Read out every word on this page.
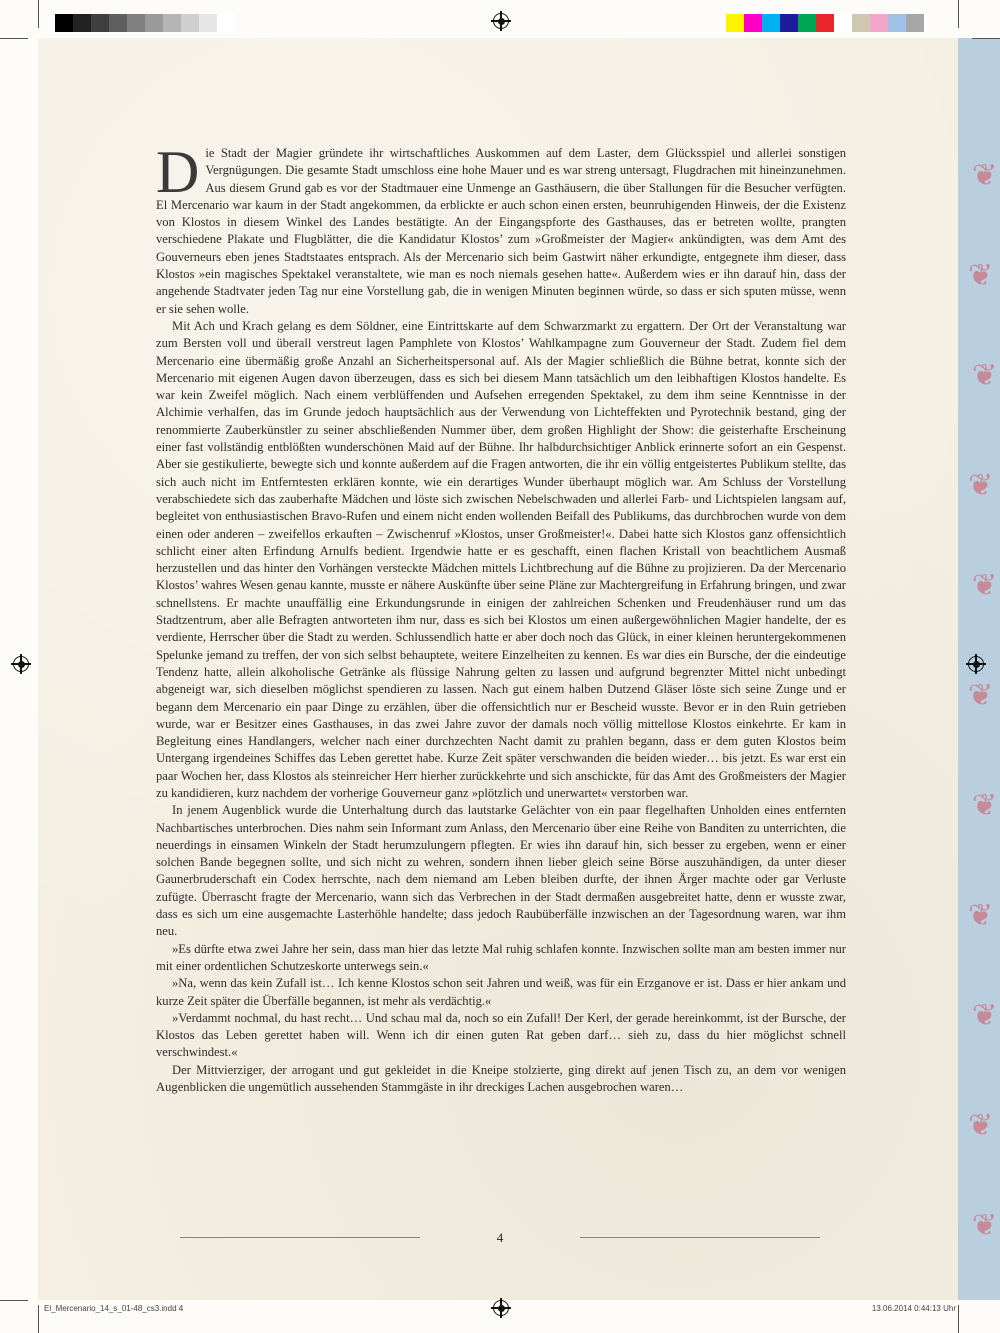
❦
❦
❦
❦
❦
❦
❦
❦
❦
❦
❦

Die Stadt der Magier gründete ihr wirtschaftliches Auskommen auf dem Laster, dem Glücksspiel und allerlei sonstigen Vergnügungen. Die gesamte Stadt umschloss eine hohe Mauer und es war streng untersagt, Flugdrachen mit hineinzunehmen. Aus diesem Grund gab es vor der Stadtmauer eine Unmenge an Gasthäusern, die über Stallungen für die Besucher verfügten. El Mercenario war kaum in der Stadt angekommen, da erblickte er auch schon einen ersten, beunruhigenden Hinweis, der die Existenz von Klostos in diesem Winkel des Landes bestätigte. An der Eingangspforte des Gasthauses, das er betreten wollte, prangten verschiedene Plakate und Flugblätter, die die Kandidatur Klostos’ zum »Großmeister der Magier« ankündigten, was dem Amt des Gouverneurs eben jenes Stadtstaates entsprach. Als der Mercenario sich beim Gastwirt näher erkundigte, entgegnete ihm dieser, dass Klostos »ein magisches Spektakel veranstaltete, wie man es noch niemals gesehen hatte«. Außerdem wies er ihn darauf hin, dass der angehende Stadtvater jeden Tag nur eine Vorstellung gab, die in wenigen Minuten beginnen würde, so dass er sich sputen müsse, wenn er sie sehen wolle.

Mit Ach und Krach gelang es dem Söldner, eine Eintrittskarte auf dem Schwarzmarkt zu ergattern. Der Ort der Veranstaltung war zum Bersten voll und überall verstreut lagen Pamphlete von Klostos’ Wahlkampagne zum Gouverneur der Stadt. Zudem fiel dem Mercenario eine übermäßig große Anzahl an Sicherheitspersonal auf. Als der Magier schließlich die Bühne betrat, konnte sich der Mercenario mit eigenen Augen davon überzeugen, dass es sich bei diesem Mann tatsächlich um den leibhaftigen Klostos handelte. Es war kein Zweifel möglich. Nach einem verblüffenden und Aufsehen erregenden Spektakel, zu dem ihm seine Kenntnisse in der Alchimie verhalfen, das im Grunde jedoch hauptsächlich aus der Verwendung von Lichteffekten und Pyrotechnik bestand, ging der renommierte Zauberkünstler zu seiner abschließenden Nummer über, dem großen Highlight der Show: die geisterhafte Erscheinung einer fast vollständig entblößten wunderschönen Maid auf der Bühne. Ihr halbdurchsichtiger Anblick erinnerte sofort an ein Gespenst. Aber sie gestikulierte, bewegte sich und konnte außerdem auf die Fragen antworten, die ihr ein völlig entgeistertes Publikum stellte, das sich auch nicht im Entferntesten erklären konnte, wie ein derartiges Wunder überhaupt möglich war. Am Schluss der Vorstellung verabschiedete sich das zauberhafte Mädchen und löste sich zwischen Nebelschwaden und allerlei Farb- und Lichtspielen langsam auf, begleitet von enthusiastischen Bravo-Rufen und einem nicht enden wollenden Beifall des Publikums, das durchbrochen wurde von dem einen oder anderen – zweifellos erkauften – Zwischenruf »Klostos, unser Großmeister!«. Dabei hatte sich Klostos ganz offensichtlich schlicht einer alten Erfindung Arnulfs bedient. Irgendwie hatte er es geschafft, einen flachen Kristall von beachtlichem Ausmaß herzustellen und das hinter den Vorhängen versteckte Mädchen mittels Lichtbrechung auf die Bühne zu projizieren. Da der Mercenario Klostos’ wahres Wesen genau kannte, musste er nähere Auskünfte über seine Pläne zur Machtergreifung in Erfahrung bringen, und zwar schnellstens. Er machte unauffällig eine Erkundungsrunde in einigen der zahlreichen Schenken und Freudenhäuser rund um das Stadtzentrum, aber alle Befragten antworteten ihm nur, dass es sich bei Klostos um einen außergewöhnlichen Magier handelte, der es verdiente, Herrscher über die Stadt zu werden. Schlussendlich hatte er aber doch noch das Glück, in einer kleinen heruntergekommenen Spelunke jemand zu treffen, der von sich selbst behauptete, weitere Einzelheiten zu kennen. Es war dies ein Bursche, der die eindeutige Tendenz hatte, allein alkoholische Getränke als flüssige Nahrung gelten zu lassen und aufgrund begrenzter Mittel nicht unbedingt abgeneigt war, sich dieselben möglichst spendieren zu lassen. Nach gut einem halben Dutzend Gläser löste sich seine Zunge und er begann dem Mercenario ein paar Dinge zu erzählen, über die offensichtlich nur er Bescheid wusste. Bevor er in den Ruin getrieben wurde, war er Besitzer eines Gasthauses, in das zwei Jahre zuvor der damals noch völlig mittellose Klostos einkehrte. Er kam in Begleitung eines Handlangers, welcher nach einer durchzechten Nacht damit zu prahlen begann, dass er dem guten Klostos beim Untergang irgendeines Schiffes das Leben gerettet habe. Kurze Zeit später verschwanden die beiden wieder… bis jetzt. Es war erst ein paar Wochen her, dass Klostos als steinreicher Herr hierher zurückkehrte und sich anschickte, für das Amt des Großmeisters der Magier zu kandidieren, kurz nachdem der vorherige Gouverneur ganz »plötzlich und unerwartet« verstorben war.

In jenem Augenblick wurde die Unterhaltung durch das lautstarke Gelächter von ein paar flegelhaften Unholden eines entfernten Nachbartisches unterbrochen. Dies nahm sein Informant zum Anlass, den Mercenario über eine Reihe von Banditen zu unterrichten, die neuerdings in einsamen Winkeln der Stadt herumzulungern pflegten. Er wies ihn darauf hin, sich besser zu ergeben, wenn er einer solchen Bande begegnen sollte, und sich nicht zu wehren, sondern ihnen lieber gleich seine Börse auszuhändigen, da unter dieser Gaunerbruderschaft ein Codex herrschte, nach dem niemand am Leben bleiben durfte, der ihnen Ärger machte oder gar Verluste zufügte. Überrascht fragte der Mercenario, wann sich das Verbrechen in der Stadt dermaßen ausgebreitet hatte, denn er wusste zwar, dass es sich um eine ausgemachte Lasterhöhle handelte; dass jedoch Raubüberfälle inzwischen an der Tagesordnung waren, war ihm neu.

»Es dürfte etwa zwei Jahre her sein, dass man hier das letzte Mal ruhig schlafen konnte. Inzwischen sollte man am besten immer nur mit einer ordentlichen Schutzeskorte unterwegs sein.«

»Na, wenn das kein Zufall ist… Ich kenne Klostos schon seit Jahren und weiß, was für ein Erzganove er ist. Dass er hier ankam und kurze Zeit später die Überfälle begannen, ist mehr als verdächtig.«

»Verdammt nochmal, du hast recht… Und schau mal da, noch so ein Zufall! Der Kerl, der gerade hereinkommt, ist der Bursche, der Klostos das Leben gerettet haben will. Wenn ich dir einen guten Rat geben darf… sieh zu, dass du hier möglichst schnell verschwindest.«

Der Mittvierziger, der arrogant und gut gekleidet in die Kneipe stolzierte, ging direkt auf jenen Tisch zu, an dem vor wenigen Augenblicken die ungemütlich aussehenden Stammgäste in ihr dreckiges Lachen ausgebrochen waren…

4
El_Mercenario_14_s_01-48_cs3.indd 4	13.06.2014 0:44:13 Uhr
